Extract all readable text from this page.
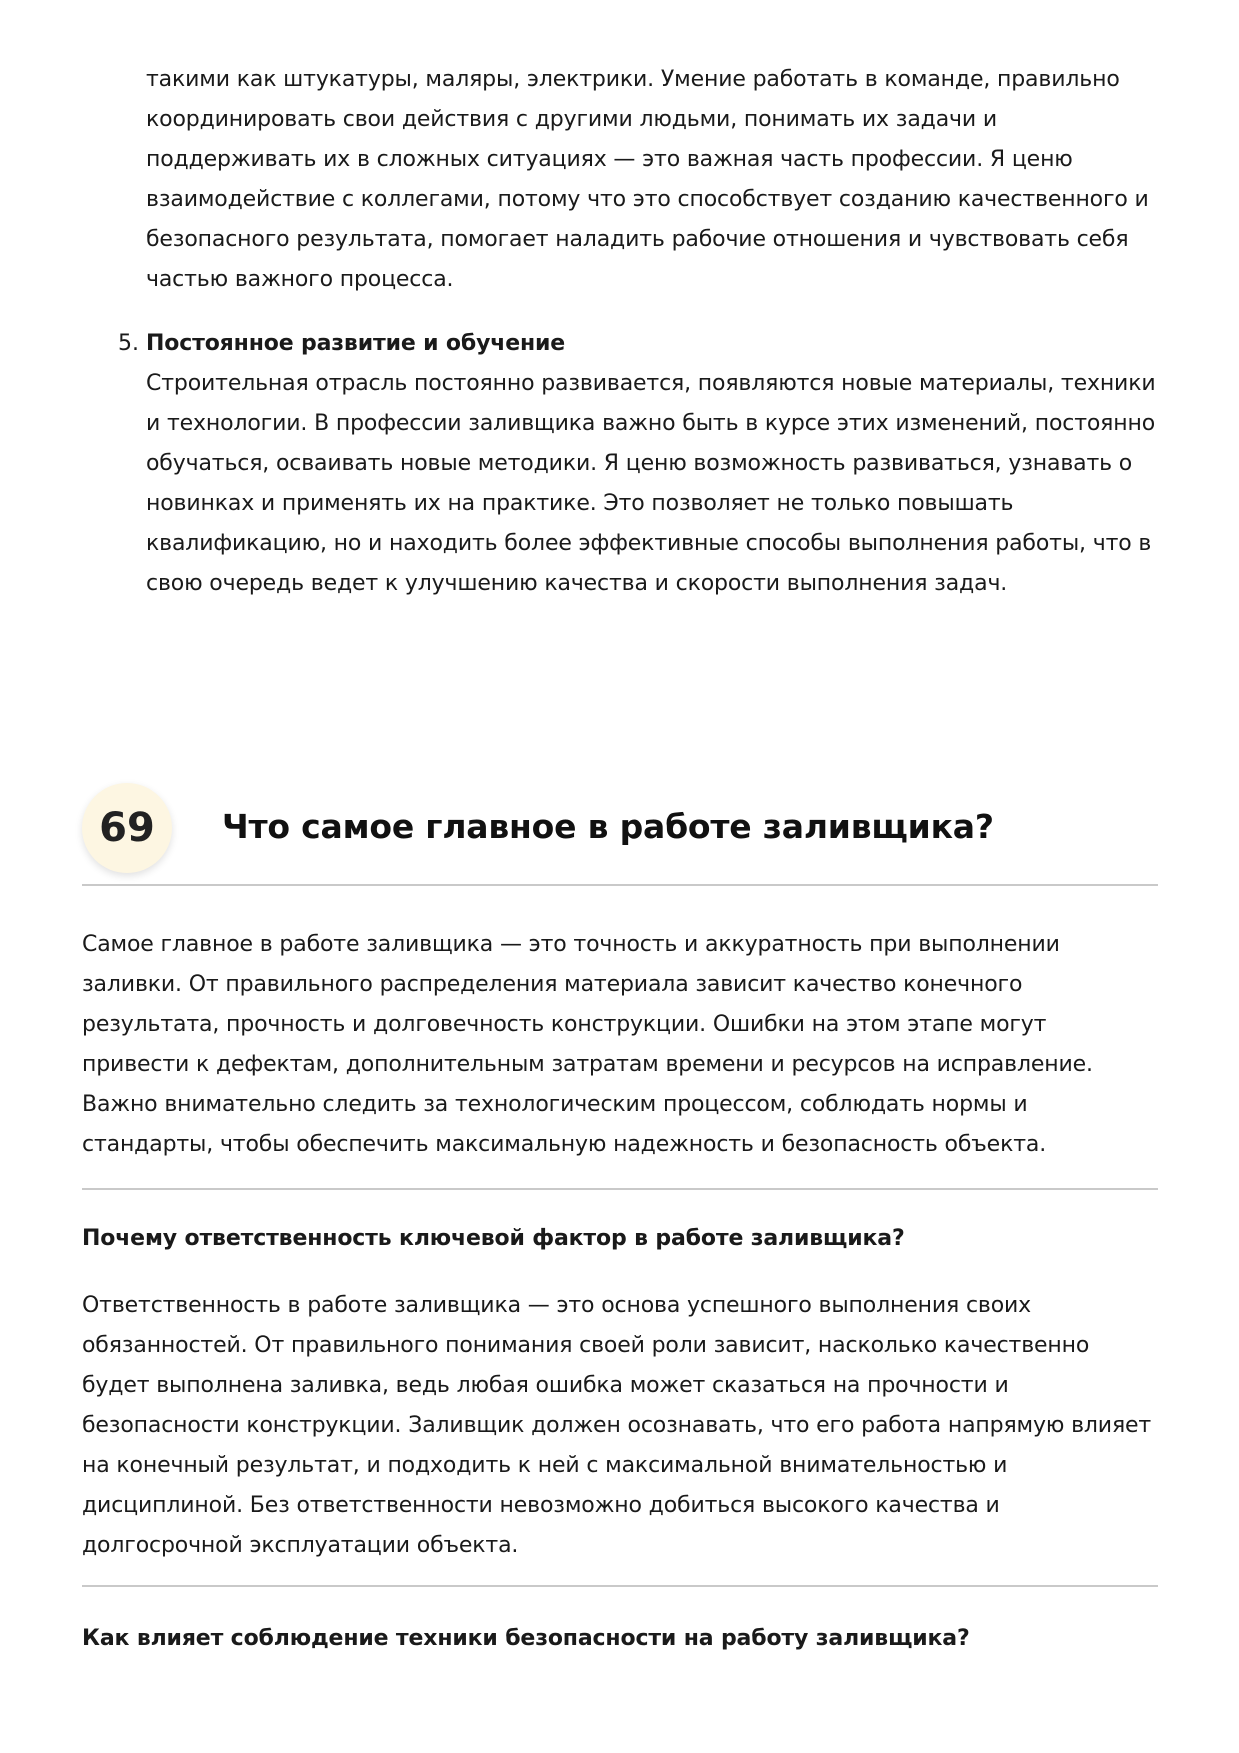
такими как штукатуры, маляры, электрики. Умение работать в команде, правильно координировать свои действия с другими людьми, понимать их задачи и поддерживать их в сложных ситуациях — это важная часть профессии. Я ценю взаимодействие с коллегами, потому что это способствует созданию качественного и безопасного результата, помогает наладить рабочие отношения и чувствовать себя частью важного процесса.

5. Постоянное развитие и обучение

Строительная отрасль постоянно развивается, появляются новые материалы, техники и технологии. В профессии заливщика важно быть в курсе этих изменений, постоянно обучаться, осваивать новые методики. Я ценю возможность развиваться, узнавать о новинках и применять их на практике. Это позволяет не только повышать квалификацию, но и находить более эффективные способы выполнения работы, что в свою очередь ведет к улучшению качества и скорости выполнения задач.

69	Что самое главное в работе заливщика?

Самое главное в работе заливщика — это точность и аккуратность при выполнении заливки. От правильного распределения материала зависит качество конечного результата, прочность и долговечность конструкции. Ошибки на этом этапе могут привести к дефектам, дополнительным затратам времени и ресурсов на исправление. Важно внимательно следить за технологическим процессом, соблюдать нормы и стандарты, чтобы обеспечить максимальную надежность и безопасность объекта.

Почему ответственность ключевой фактор в работе заливщика?

Ответственность в работе заливщика — это основа успешного выполнения своих обязанностей. От правильного понимания своей роли зависит, насколько качественно будет выполнена заливка, ведь любая ошибка может сказаться на прочности и безопасности конструкции. Заливщик должен осознавать, что его работа напрямую влияет на конечный результат, и подходить к ней с максимальной внимательностью и дисциплиной. Без ответственности невозможно добиться высокого качества и долгосрочной эксплуатации объекта.

Как влияет соблюдение техники безопасности на работу заливщика?
